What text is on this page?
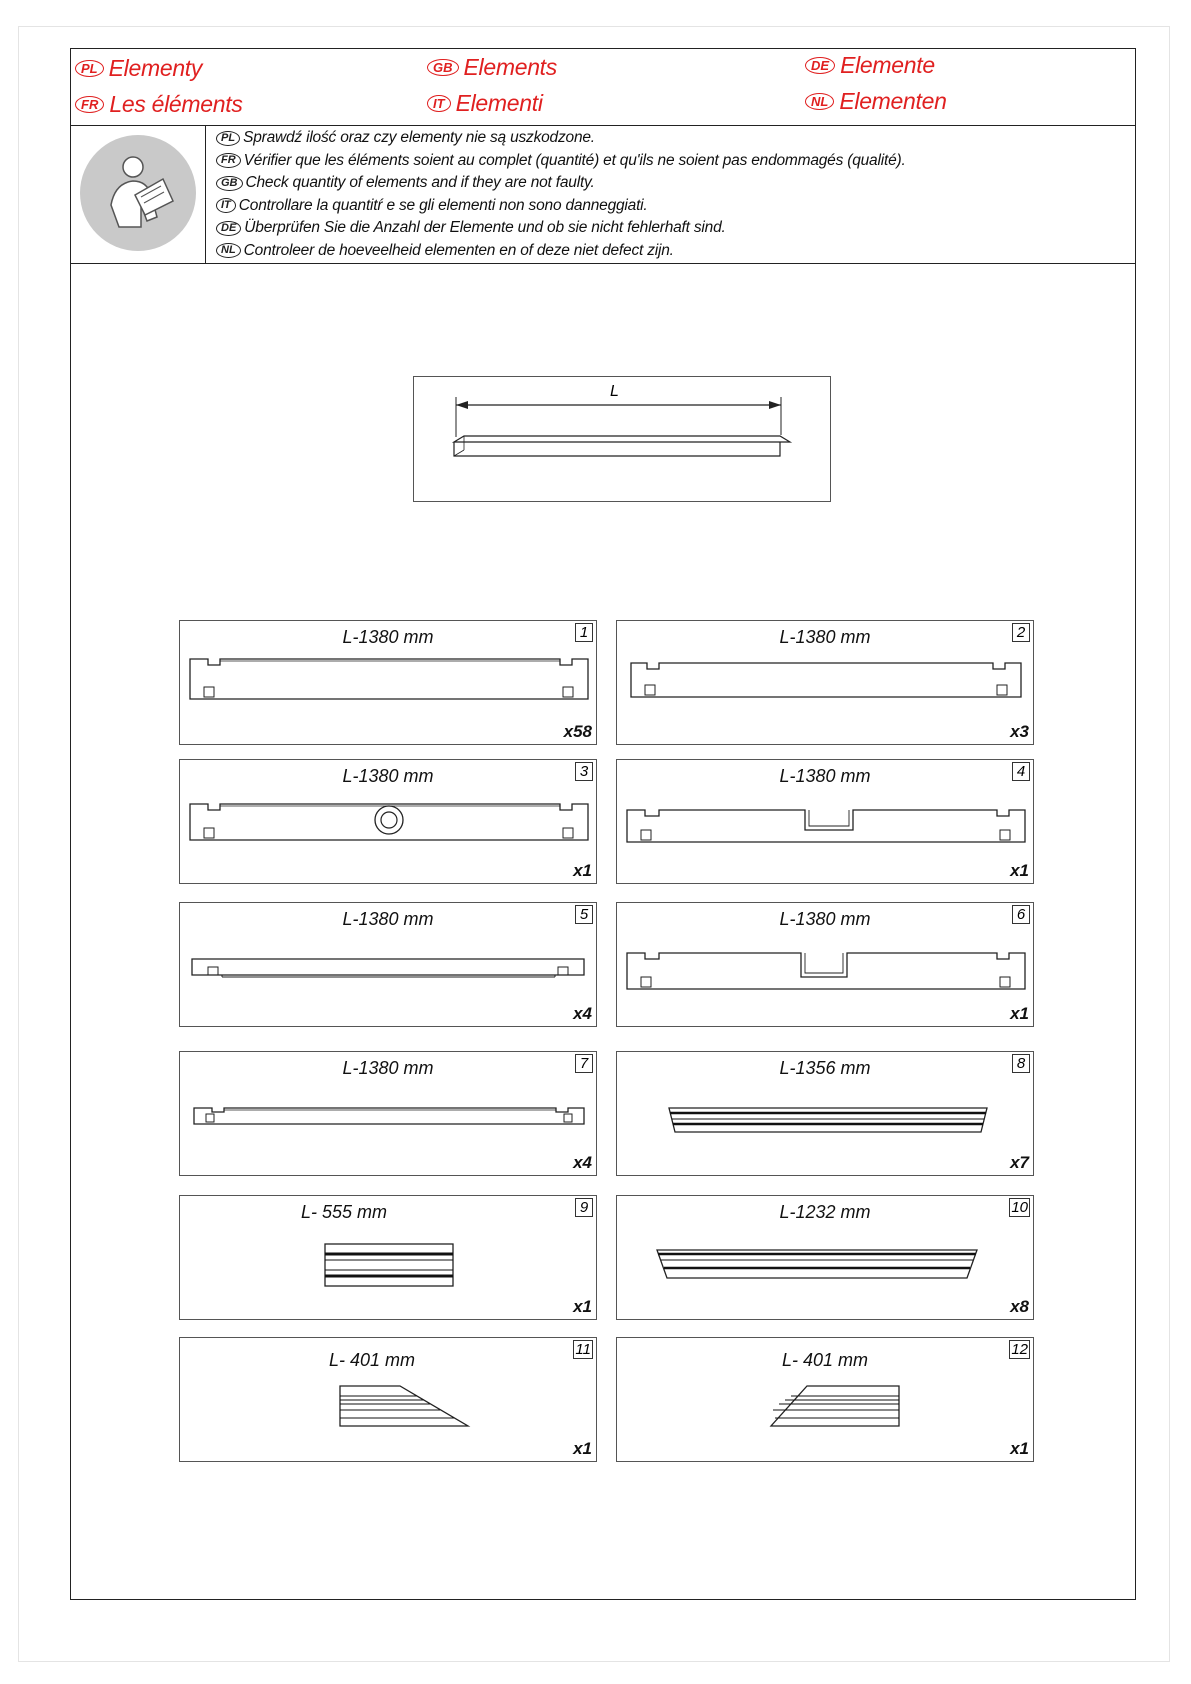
PL Elementy	GB Elements	DE Elemente
FR Les éléments	IT Elementi	NL Elementen
PL Sprawdź ilość oraz czy elementy nie są uszkodzone.
FR Vérifier que les éléments soient au complet (quantité) et qu'ils ne soient pas endommagés (qualité).
GB Check quantity of elements and if they are not faulty.
IT Controllare la quantitŕ e se gli elementi non sono danneggiati.
DE Überprüfen Sie die Anzahl der Elemente und ob sie nicht fehlerhaft sind.
NL Controleer de hoeveelheid elementen en of deze niet defect zijn.
L
L-1380 mm	1
x58
L-1380 mm	2
x3
L-1380 mm	3
x1
L-1380 mm	4
x1
L-1380 mm	5
x4
L-1380 mm	6
x1
L-1380 mm	7
x4
L-1356 mm	8
x7
L- 555 mm	9
x1
L-1232 mm	10
x8
L- 401 mm
11
x1
L- 401 mm
12
x1
